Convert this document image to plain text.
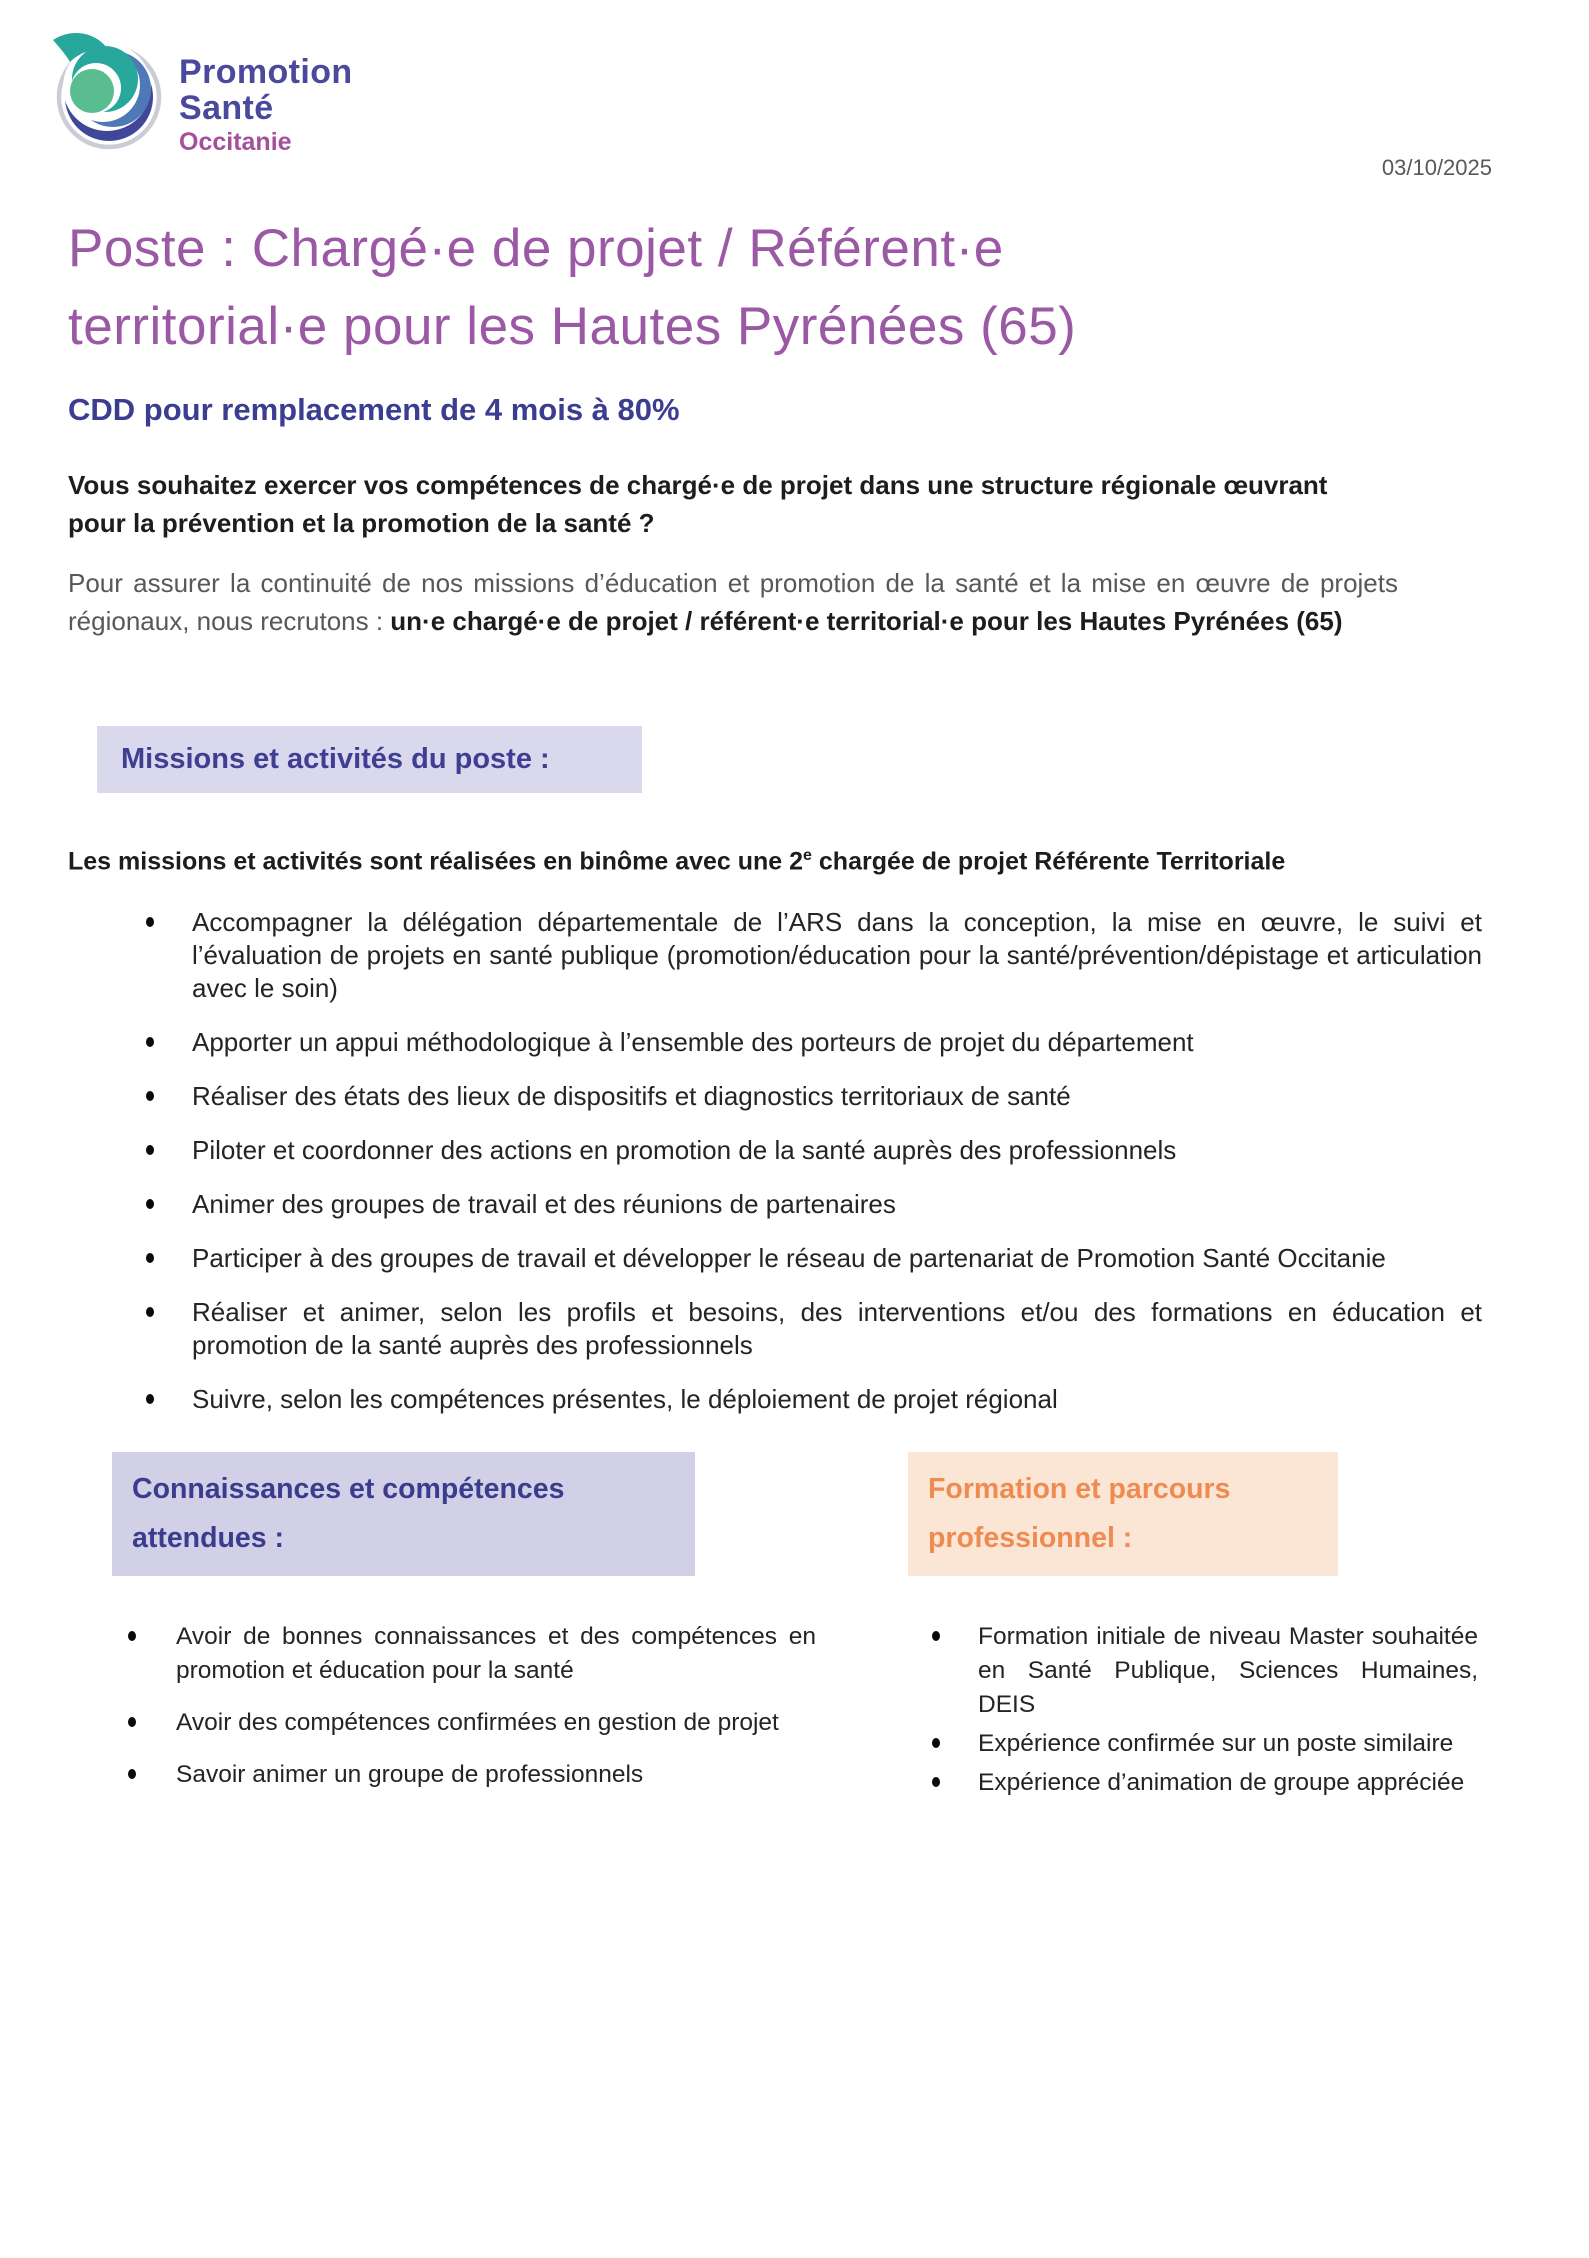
Promotion
Santé
Occitanie
03/10/2025
Poste : Chargé·e de projet / Référent·e
territorial·e pour les Hautes Pyrénées (65)
CDD pour remplacement de 4 mois à 80%

Vous souhaitez exercer vos compétences de chargé·e de projet dans une structure régionale œuvrant pour la prévention et la promotion de la santé ?

Pour assurer la continuité de nos missions d’éducation et promotion de la santé et la mise en œuvre de projets régionaux, nous recrutons : un·e chargé·e de projet / référent·e territorial·e pour les Hautes Pyrénées (65)

Missions et activités du poste :

Les missions et activités sont réalisées en binôme avec une 2e chargée de projet Référente Territoriale

Accompagner la délégation départementale de l’ARS dans la conception, la mise en œuvre, le suivi et l’évaluation de projets en santé publique (promotion/éducation pour la santé/prévention/dépistage et articulation avec le soin)
Apporter un appui méthodologique à l’ensemble des porteurs de projet du département
Réaliser des états des lieux de dispositifs et diagnostics territoriaux de santé
Piloter et coordonner des actions en promotion de la santé auprès des professionnels
Animer des groupes de travail et des réunions de partenaires
Participer à des groupes de travail et développer le réseau de partenariat de Promotion Santé Occitanie
Réaliser et animer, selon les profils et besoins, des interventions et/ou des formations en éducation et promotion de la santé auprès des professionnels
Suivre, selon les compétences présentes, le déploiement de projet régional
Connaissances et compétences attendues :
Avoir de bonnes connaissances et des compétences en promotion et éducation pour la santé
Avoir des compétences confirmées en gestion de projet
Savoir animer un groupe de professionnels
Formation et parcours professionnel :
Formation initiale de niveau Master souhaitée en Santé Publique, Sciences Humaines, DEIS
Expérience confirmée sur un poste similaire
Expérience d’animation de groupe appréciée
